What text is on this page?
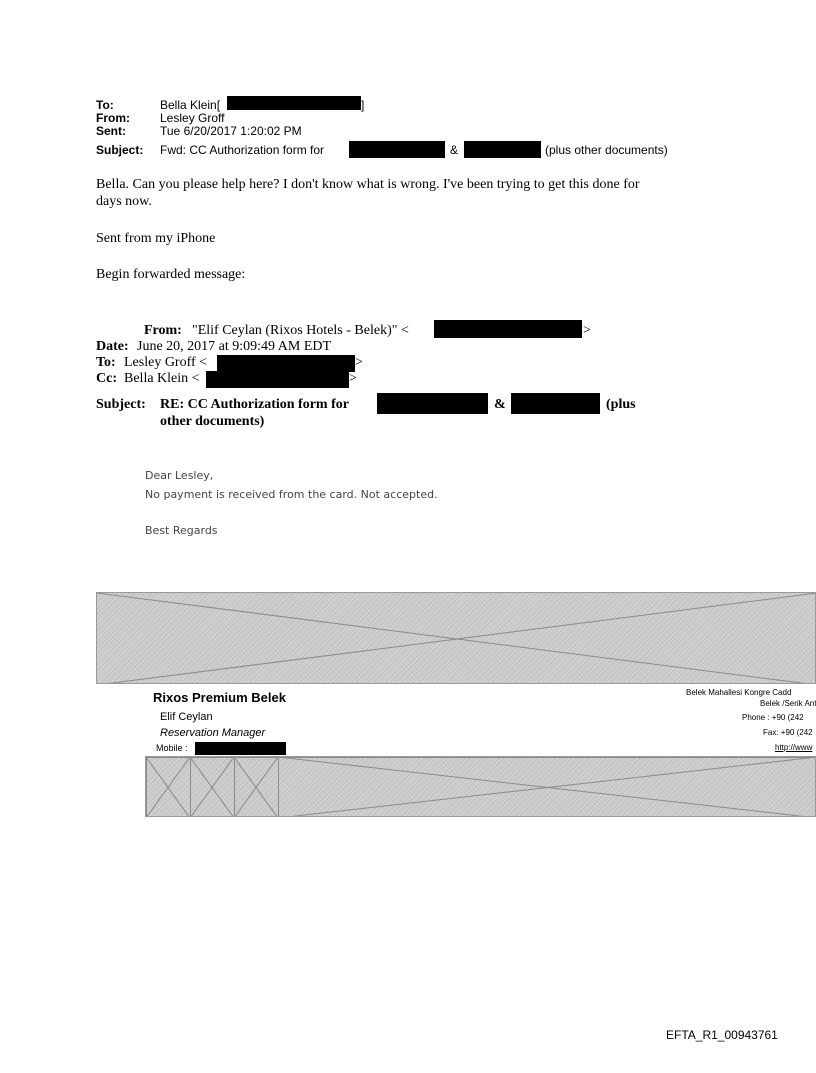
To:	Bella Klein[	]
From:	Lesley Groff
Sent:	Tue 6/20/2017 1:20:02 PM
Subject: Fwd: CC Authorization form for	&	(plus other documents)
Bella. Can you please help here? I don't know what is wrong. I've been trying to get this done for
days now.
Sent from my iPhone
Begin forwarded message:
From: "Elif Ceylan (Rixos Hotels - Belek)" <	>
Date: June 20, 2017 at 9:09:49 AM EDT
To: Lesley Groff <	>
Cc: Bella Klein <	>
Subject: RE: CC Authorization form for	&	(plus
other documents)
Dear Lesley,
No payment is received from the card. Not accepted.
Best Regards
Rixos Premium Belek
Elif Ceylan
Reservation Manager
Mobile :
Belek Mahallesi Kongre Cadd
Belek /Serik Ant
Phone : +90 (242
Fax: +90 (242
http://www
EFTA_R1_00943761
